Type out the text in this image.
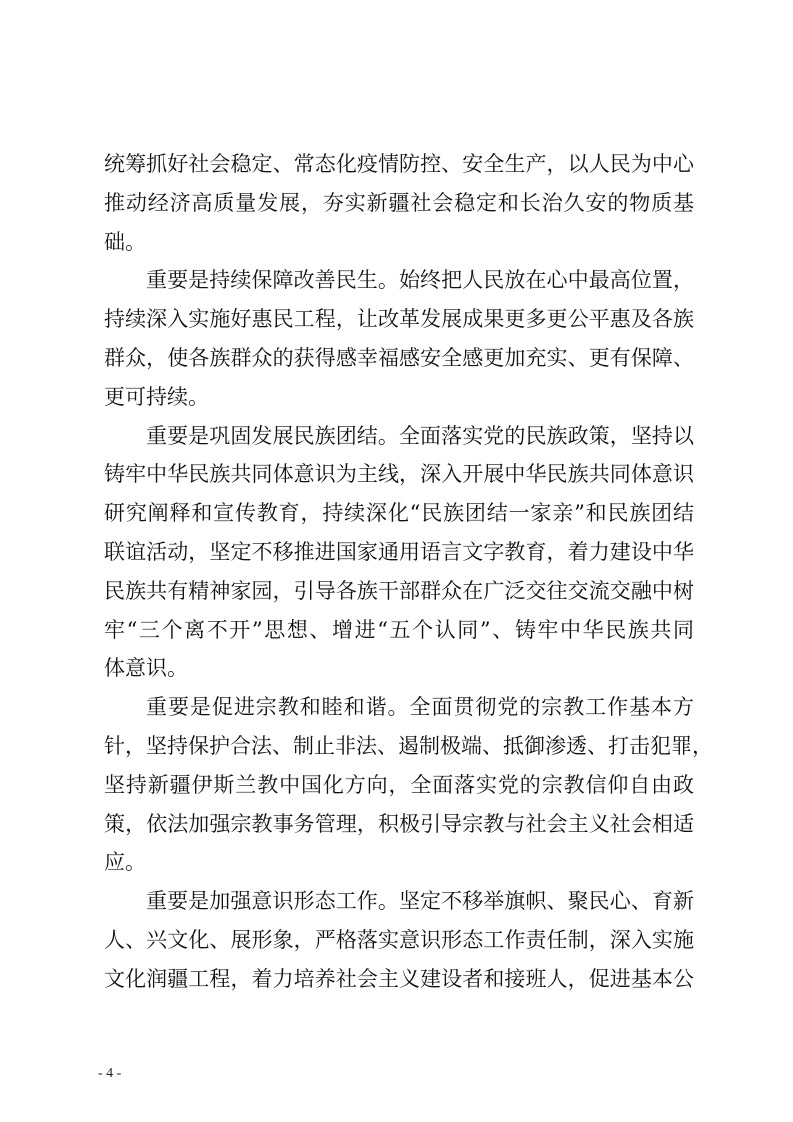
统筹抓好社会稳定、常态化疫情防控、安全生产，以人民为中心
推动经济高质量发展，夯实新疆社会稳定和长治久安的物质基
础。
重要是持续保障改善民生。始终把人民放在心中最高位置，
持续深入实施好惠民工程，让改革发展成果更多更公平惠及各族
群众，使各族群众的获得感幸福感安全感更加充实、更有保障、
更可持续。
重要是巩固发展民族团结。全面落实党的民族政策，坚持以
铸牢中华民族共同体意识为主线，深入开展中华民族共同体意识
研究阐释和宣传教育，持续深化“民族团结一家亲”和民族团结
联谊活动，坚定不移推进国家通用语言文字教育，着力建设中华
民族共有精神家园，引导各族干部群众在广泛交往交流交融中树
牢“三个离不开”思想、增进“五个认同”、铸牢中华民族共同
体意识。
重要是促进宗教和睦和谐。全面贯彻党的宗教工作基本方
针，坚持保护合法、制止非法、遏制极端、抵御渗透、打击犯罪，
坚持新疆伊斯兰教中国化方向，全面落实党的宗教信仰自由政
策，依法加强宗教事务管理，积极引导宗教与社会主义社会相适
应。
重要是加强意识形态工作。坚定不移举旗帜、聚民心、育新
人、兴文化、展形象，严格落实意识形态工作责任制，深入实施
文化润疆工程，着力培养社会主义建设者和接班人，促进基本公
- 4 -
